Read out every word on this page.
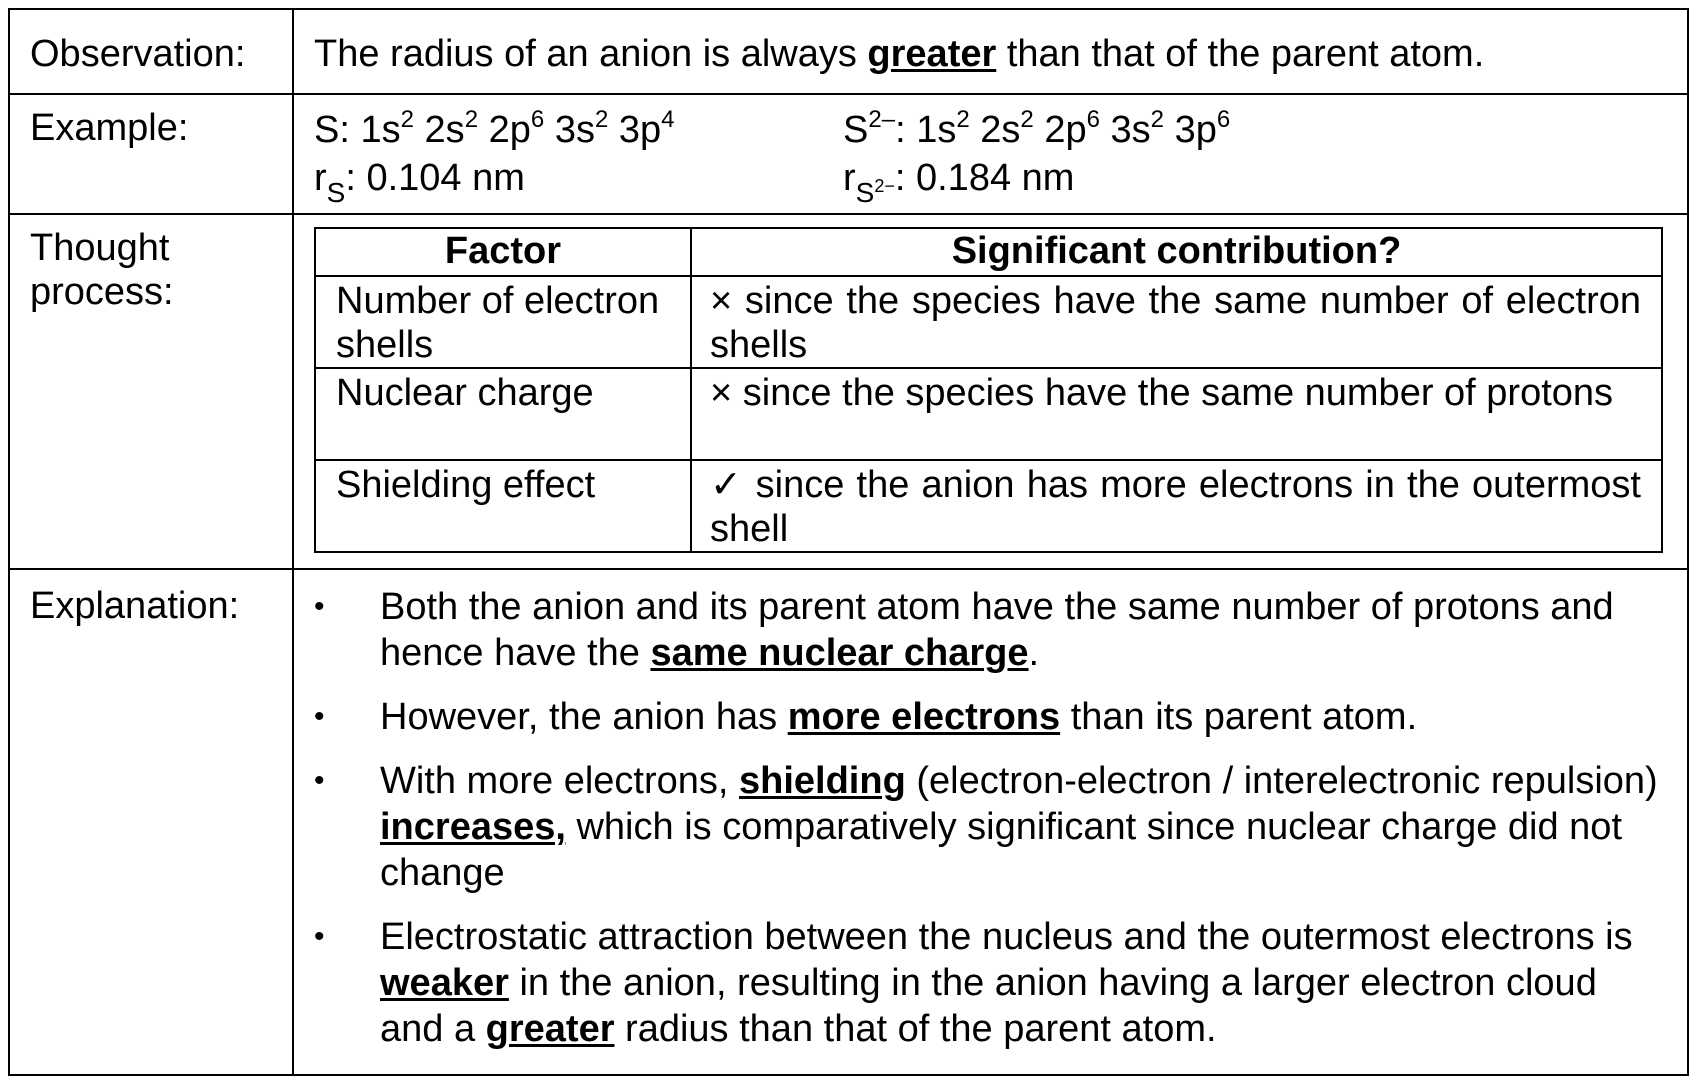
Observation:	The radius of an anion is always greater than that of the parent atom.

Example:	S: $1s^2$ $2s^2$ $2p^6$ $3s^2$ $3p^4$
$r_S$: 0.104 nm
$S^{2-}$: $1s^2$ $2s^2$ $2p^6$ $3s^2$ $3p^6$
$r_{S^{2-}}$: 0.184 nm

Thought process:

Factor	Significant contribution?
Number of electron shells	× since the species have the same number of electron shells
Nuclear charge	× since the species have the same number of protons
Shielding effect	✓ since the anion has more electrons in the outermost shell

Explanation:	• Both the anion and its parent atom have the same number of protons and hence have the same nuclear charge.
• However, the anion has more electrons than its parent atom.
• With more electrons, shielding (electron-electron / interelectronic repulsion) increases, which is comparatively significant since nuclear charge did not change
• Electrostatic attraction between the nucleus and the outermost electrons is weaker in the anion, resulting in the anion having a larger electron cloud and a greater radius than that of the parent atom.
